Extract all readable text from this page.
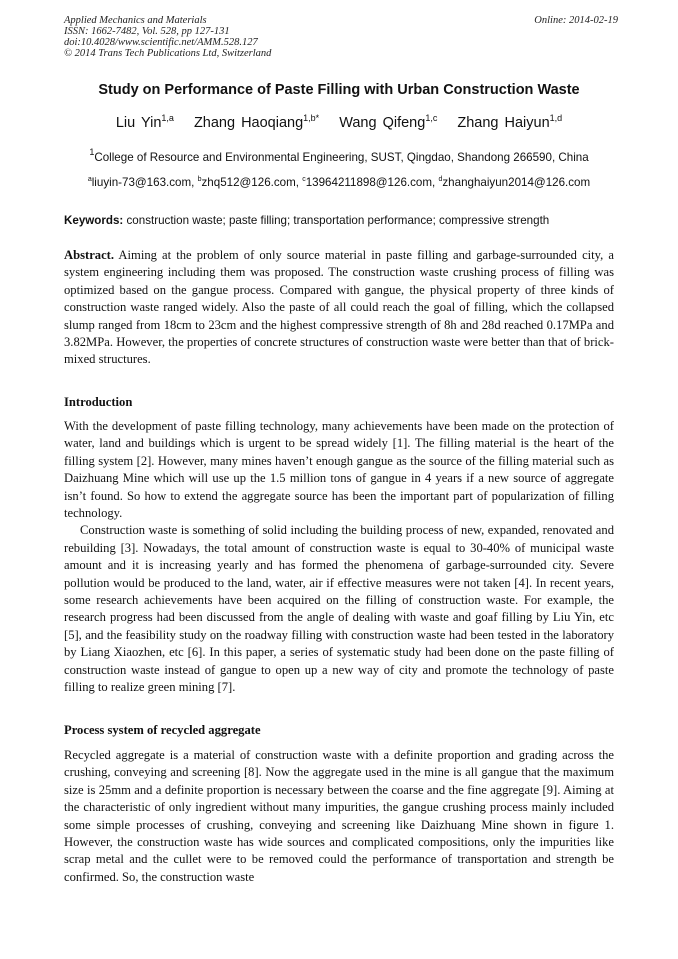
Applied Mechanics and Materials
ISSN: 1662-7482, Vol. 528, pp 127-131
doi:10.4028/www.scientific.net/AMM.528.127
© 2014 Trans Tech Publications Ltd, Switzerland
Online: 2014-02-19
Study on Performance of Paste Filling with Urban Construction Waste
Liu Yin$^{1,a}$ Zhang Haoqiang$^{1,b*}$ Wang Qifeng$^{1,c}$ Zhang Haiyun$^{1,d}$
$^1$College of Resource and Environmental Engineering, SUST, Qingdao, Shandong 266590, China
$^a$liuyin-73@163.com, $^b$zhq512@126.com, $^c$13964211898@126.com, $^d$zhanghaiyun2014@126.com
Keywords: construction waste; paste filling; transportation performance; compressive strength

Abstract. Aiming at the problem of only source material in paste filling and garbage-surrounded city, a system engineering including them was proposed. The construction waste crushing process of filling was optimized based on the gangue process. Compared with gangue, the physical property of three kinds of construction waste ranged widely. Also the paste of all could reach the goal of filling, which the collapsed slump ranged from 18cm to 23cm and the highest compressive strength of 8h and 28d reached 0.17MPa and 3.82MPa. However, the properties of concrete structures of construction waste were better than that of brick-mixed structures.

Introduction

With the development of paste filling technology, many achievements have been made on the protection of water, land and buildings which is urgent to be spread widely [1]. The filling material is the heart of the filling system [2]. However, many mines haven’t enough gangue as the source of the filling material such as Daizhuang Mine which will use up the 1.5 million tons of gangue in 4 years if a new source of aggregate isn’t found. So how to extend the aggregate source has been the important part of popularization of filling technology.

Construction waste is something of solid including the building process of new, expanded, renovated and rebuilding [3]. Nowadays, the total amount of construction waste is equal to 30-40% of municipal waste amount and it is increasing yearly and has formed the phenomena of garbage-surrounded city. Severe pollution would be produced to the land, water, air if effective measures were not taken [4]. In recent years, some research achievements have been acquired on the filling of construction waste. For example, the research progress had been discussed from the angle of dealing with waste and goaf filling by Liu Yin, etc [5], and the feasibility study on the roadway filling with construction waste had been tested in the laboratory by Liang Xiaozhen, etc [6]. In this paper, a series of systematic study had been done on the paste filling of construction waste instead of gangue to open up a new way of city and promote the technology of paste filling to realize green mining [7].

Process system of recycled aggregate

Recycled aggregate is a material of construction waste with a definite proportion and grading across the crushing, conveying and screening [8]. Now the aggregate used in the mine is all gangue that the maximum size is 25mm and a definite proportion is necessary between the coarse and the fine aggregate [9]. Aiming at the characteristic of only ingredient without many impurities, the gangue crushing process mainly included some simple processes of crushing, conveying and screening like Daizhuang Mine shown in figure 1. However, the construction waste has wide sources and complicated compositions, only the impurities like scrap metal and the cullet were to be removed could the performance of transportation and strength be confirmed. So, the construction waste
